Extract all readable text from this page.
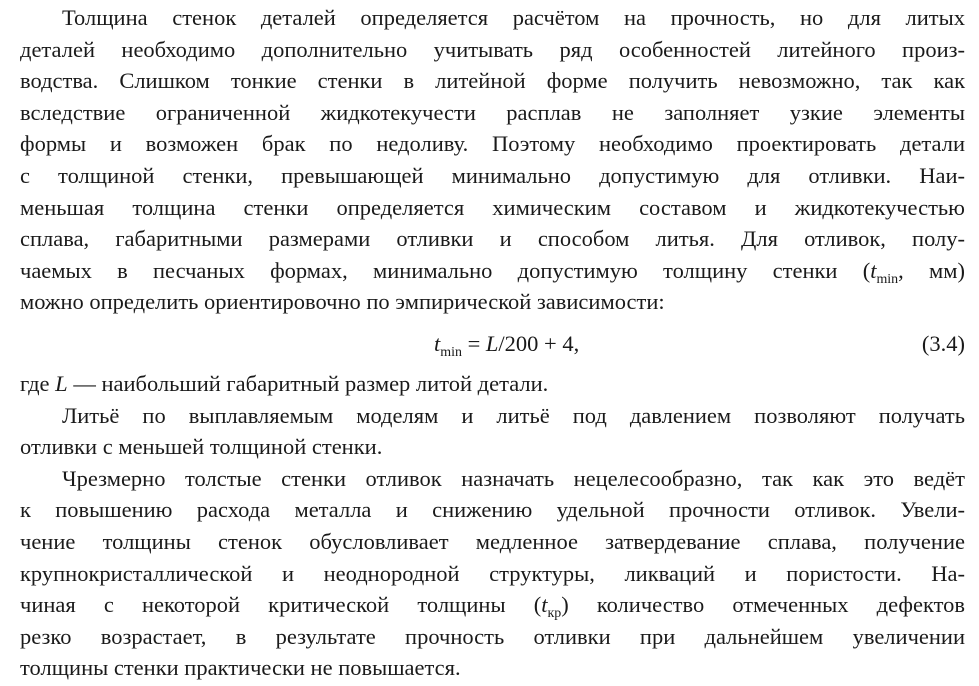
Толщина стенок деталей определяется расчётом на прочность, но для литых
деталей необходимо дополнительно учитывать ряд особенностей литейного произ-
водства. Слишком тонкие стенки в литейной форме получить невозможно, так как
вследствие ограниченной жидкотекучести расплав не заполняет узкие элементы
формы и возможен брак по недоливу. Поэтому необходимо проектировать детали
с толщиной стенки, превышающей минимально допустимую для отливки. Наи-
меньшая толщина стенки определяется химическим составом и жидкотекучестью
сплава, габаритными размерами отливки и способом литья. Для отливок, полу-
чаемых в песчаных формах, минимально допустимую толщину стенки ($t_{min}$, мм)
можно определить ориентировочно по эмпирической зависимости:
$t_{min} = L/200 + 4$,	(3.4)
где L — наибольший габаритный размер литой детали.
Литьё по выплавляемым моделям и литьё под давлением позволяют получать
отливки с меньшей толщиной стенки.
Чрезмерно толстые стенки отливок назначать нецелесообразно, так как это ведёт
к повышению расхода металла и снижению удельной прочности отливок. Увели-
чение толщины стенок обусловливает медленное затвердевание сплава, получение
крупнокристаллической и неоднородной структуры, ликваций и пористости. На-
чиная с некоторой критической толщины $(t_{кр})$ количество отмеченных дефектов
резко возрастает, в результате прочность отливки при дальнейшем увеличении
толщины стенки практически не повышается.
